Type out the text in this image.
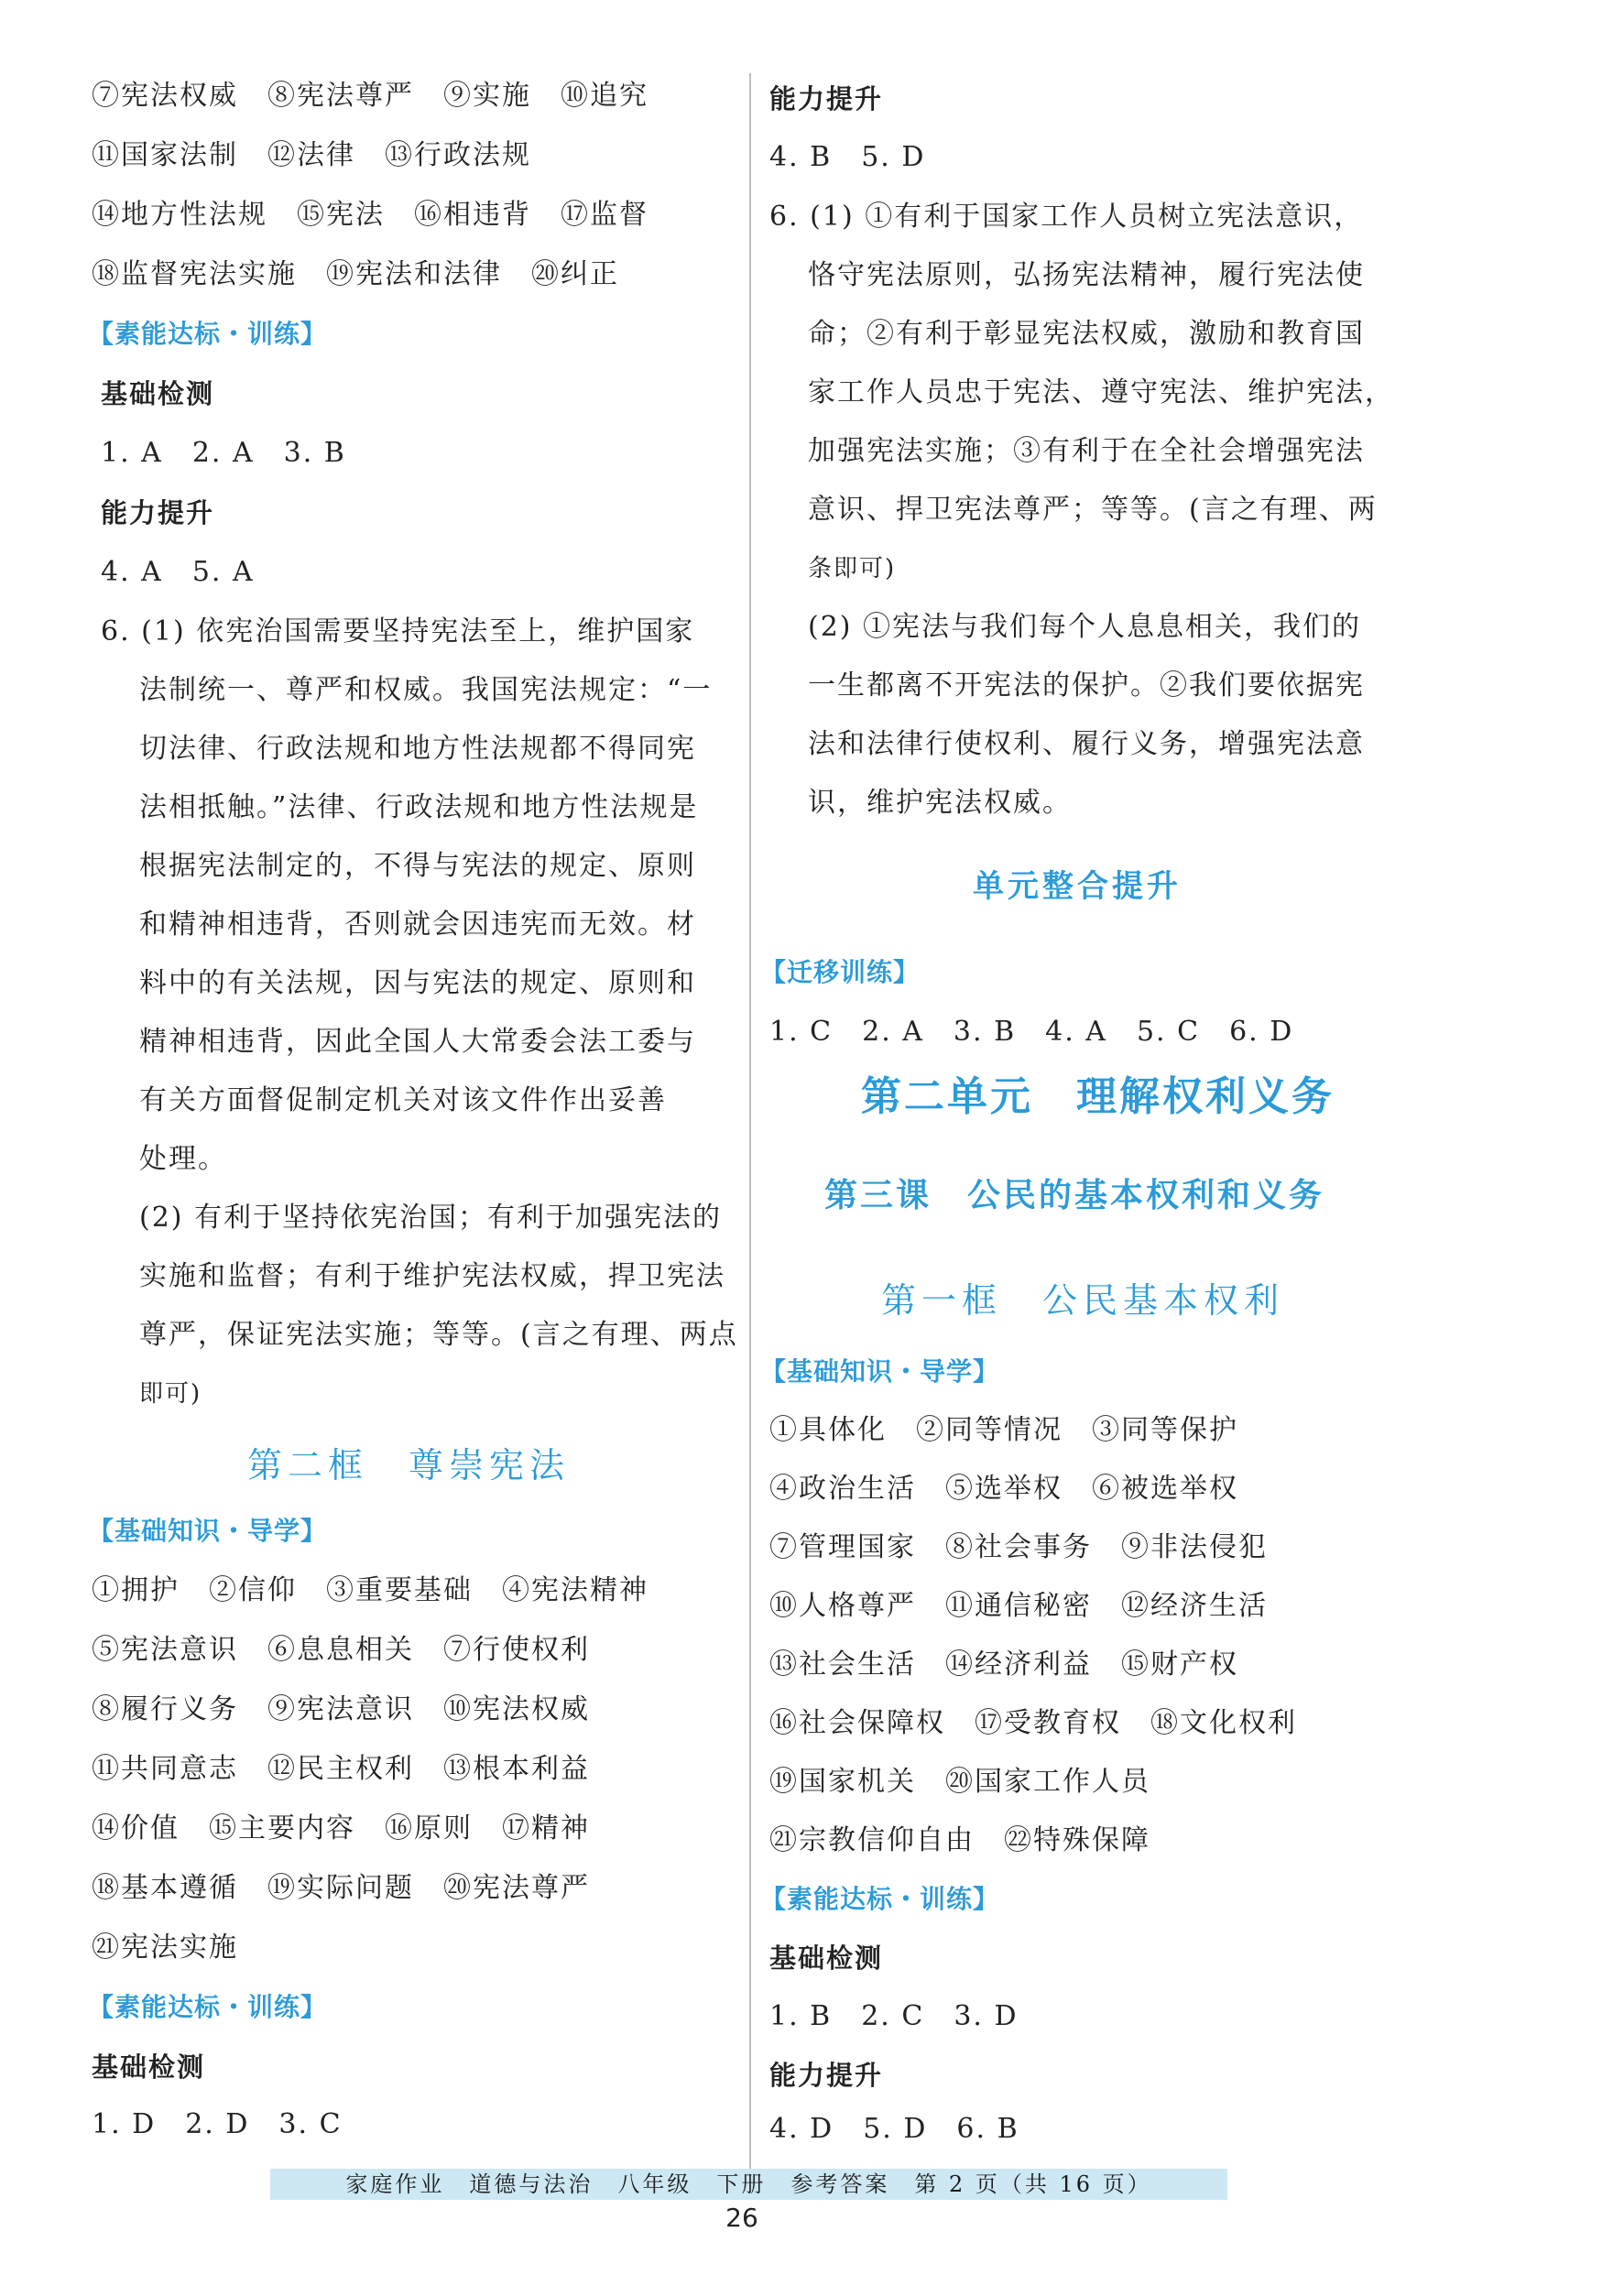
⑦宪法权威　⑧宪法尊严　⑨实施　⑩追究
⑪国家法制　⑫法律　⑬行政法规
⑭地方性法规　⑮宪法　⑯相违背　⑰监督
⑱监督宪法实施　⑲宪法和法律　⑳纠正
【素能达标・训练】
基础检测
1. A　2. A　3. B
能力提升
4. A　5. A
6. (1) 依宪治国需要坚持宪法至上，维护国家
法制统一、尊严和权威。我国宪法规定：“一
切法律、行政法规和地方性法规都不得同宪
法相抵触。”法律、行政法规和地方性法规是
根据宪法制定的，不得与宪法的规定、原则
和精神相违背，否则就会因违宪而无效。材
料中的有关法规，因与宪法的规定、原则和
精神相违背，因此全国人大常委会法工委与
有关方面督促制定机关对该文件作出妥善
处理。
(2) 有利于坚持依宪治国；有利于加强宪法的
实施和监督；有利于维护宪法权威，捍卫宪法
尊严，保证宪法实施；等等。(言之有理、两点
即可)
第二框　尊崇宪法
【基础知识・导学】
①拥护　②信仰　③重要基础　④宪法精神
⑤宪法意识　⑥息息相关　⑦行使权利
⑧履行义务　⑨宪法意识　⑩宪法权威
⑪共同意志　⑫民主权利　⑬根本利益
⑭价值　⑮主要内容　⑯原则　⑰精神
⑱基本遵循　⑲实际问题　⑳宪法尊严
㉑宪法实施
【素能达标・训练】
基础检测
1. D　2. D　3. C
能力提升
4. B　5. D
6. (1) ①有利于国家工作人员树立宪法意识，
恪守宪法原则，弘扬宪法精神，履行宪法使
命；②有利于彰显宪法权威，激励和教育国
家工作人员忠于宪法、遵守宪法、维护宪法，
加强宪法实施；③有利于在全社会增强宪法
意识、捍卫宪法尊严；等等。(言之有理、两
条即可)
(2) ①宪法与我们每个人息息相关，我们的
一生都离不开宪法的保护。②我们要依据宪
法和法律行使权利、履行义务，增强宪法意
识，维护宪法权威。
单元整合提升
【迁移训练】
1. C　2. A　3. B　4. A　5. C　6. D
第二单元　理解权利义务
第三课　公民的基本权利和义务
第一框　公民基本权利
【基础知识・导学】
①具体化　②同等情况　③同等保护
④政治生活　⑤选举权　⑥被选举权
⑦管理国家　⑧社会事务　⑨非法侵犯
⑩人格尊严　⑪通信秘密　⑫经济生活
⑬社会生活　⑭经济利益　⑮财产权
⑯社会保障权　⑰受教育权　⑱文化权利
⑲国家机关　⑳国家工作人员
㉑宗教信仰自由　㉒特殊保障
【素能达标・训练】
基础检测
1. B　2. C　3. D
能力提升
4. D　5. D　6. B
家庭作业　道德与法治　八年级　下册　参考答案　第 2 页（共 16 页）
26
